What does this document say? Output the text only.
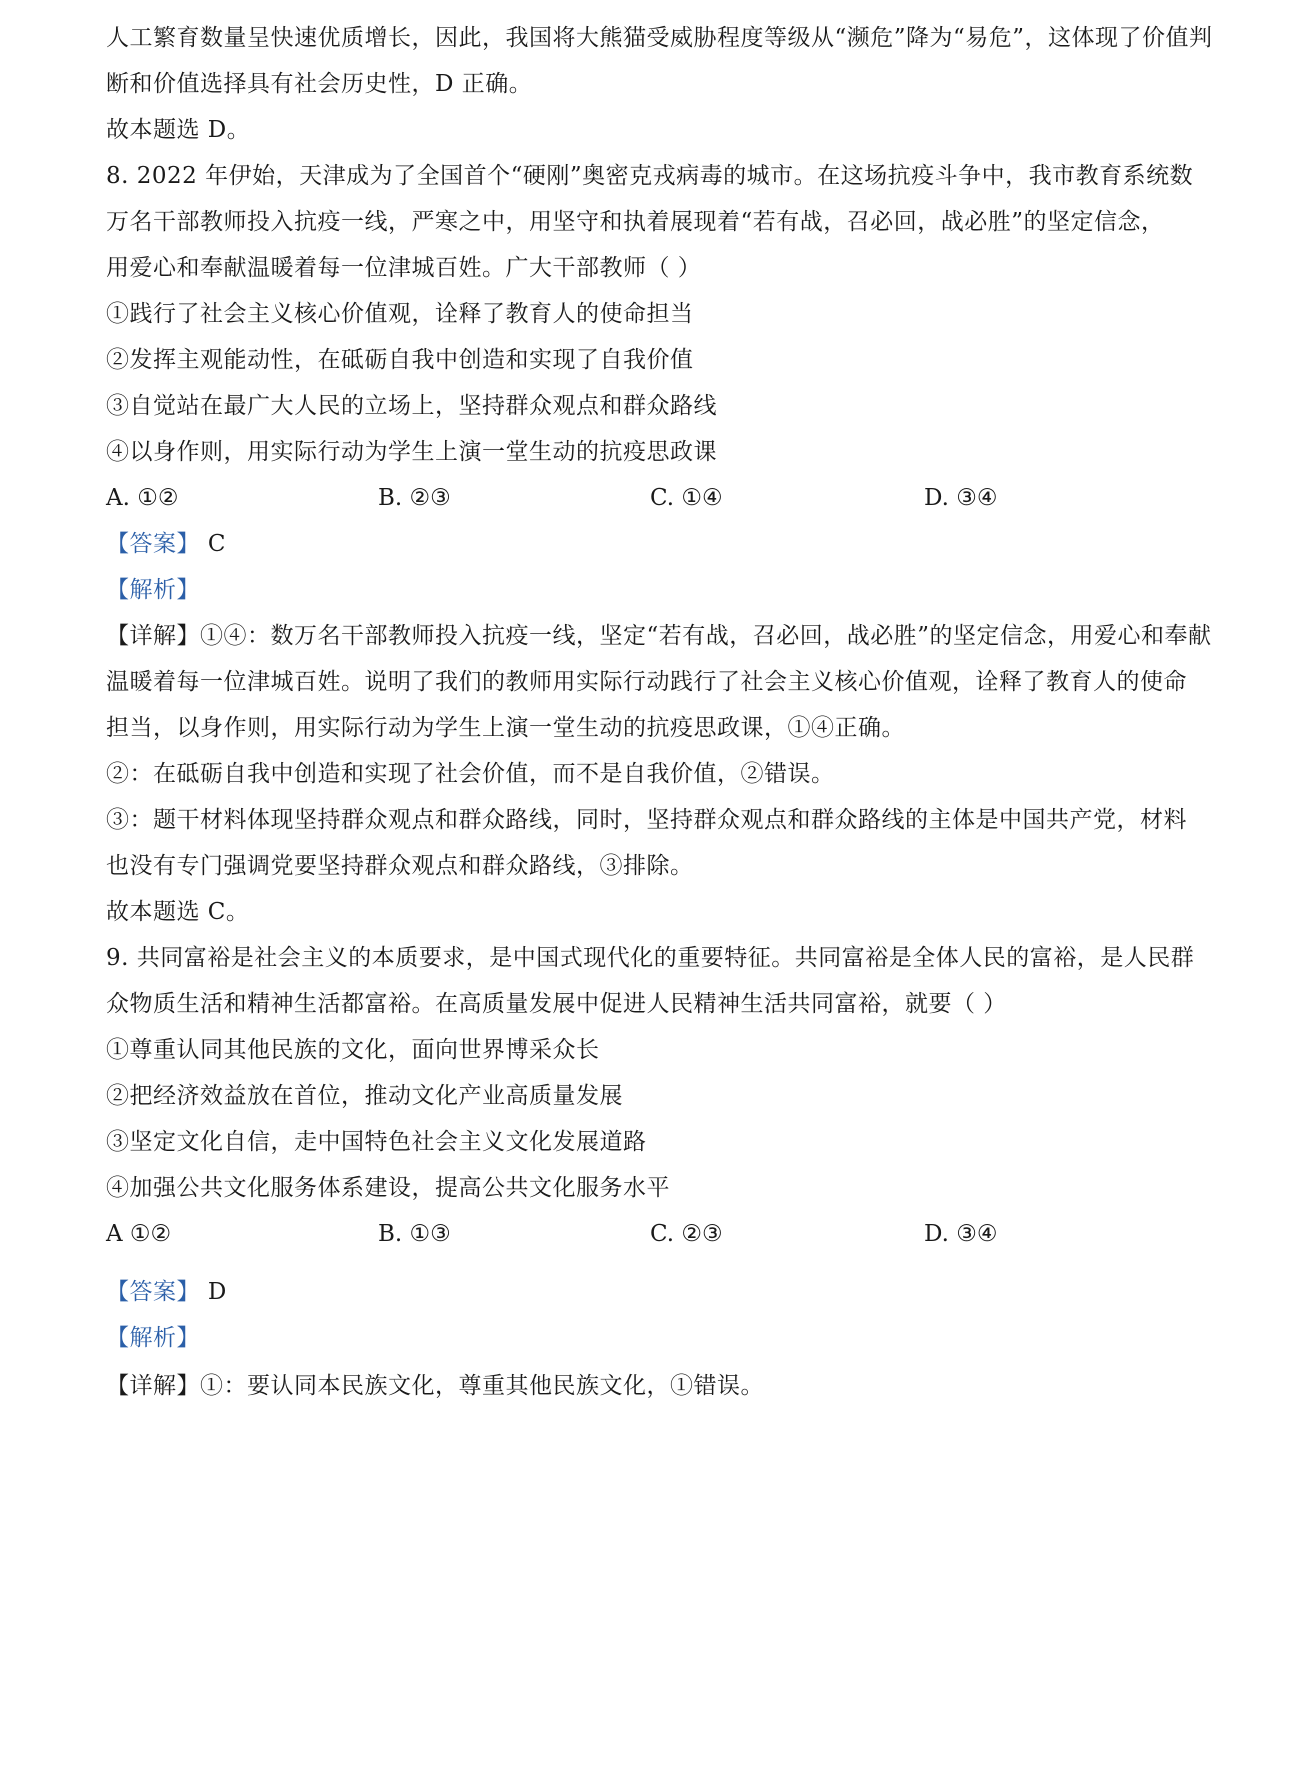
人工繁育数量呈快速优质增长，因此，我国将大熊猫受威胁程度等级从“濒危”降为“易危”，这体现了价值判
断和价值选择具有社会历史性，D 正确。
故本题选 D。
8. 2022 年伊始，天津成为了全国首个“硬刚”奥密克戎病毒的城市。在这场抗疫斗争中，我市教育系统数
万名干部教师投入抗疫一线，严寒之中，用坚守和执着展现着“若有战，召必回，战必胜”的坚定信念，
用爱心和奉献温暖着每一位津城百姓。广大干部教师（ ）
①践行了社会主义核心价值观，诠释了教育人的使命担当
②发挥主观能动性，在砥砺自我中创造和实现了自我价值
③自觉站在最广大人民的立场上，坚持群众观点和群众路线
④以身作则，用实际行动为学生上演一堂生动的抗疫思政课
A. ①②	B. ②③	C. ①④	D. ③④
【答案】 C
【解析】
【详解】①④：数万名干部教师投入抗疫一线，坚定“若有战，召必回，战必胜”的坚定信念，用爱心和奉献
温暖着每一位津城百姓。说明了我们的教师用实际行动践行了社会主义核心价值观，诠释了教育人的使命
担当，以身作则，用实际行动为学生上演一堂生动的抗疫思政课，①④正确。
②：在砥砺自我中创造和实现了社会价值，而不是自我价值，②错误。
③：题干材料体现坚持群众观点和群众路线，同时，坚持群众观点和群众路线的主体是中国共产党，材料
也没有专门强调党要坚持群众观点和群众路线，③排除。
故本题选 C。
9. 共同富裕是社会主义的本质要求，是中国式现代化的重要特征。共同富裕是全体人民的富裕，是人民群
众物质生活和精神生活都富裕。在高质量发展中促进人民精神生活共同富裕，就要（ ）
①尊重认同其他民族的文化，面向世界博采众长
②把经济效益放在首位，推动文化产业高质量发展
③坚定文化自信，走中国特色社会主义文化发展道路
④加强公共文化服务体系建设，提高公共文化服务水平
A ①②	B. ①③	C. ②③	D. ③④
【答案】 D
【解析】
【详解】①：要认同本民族文化，尊重其他民族文化，①错误。
